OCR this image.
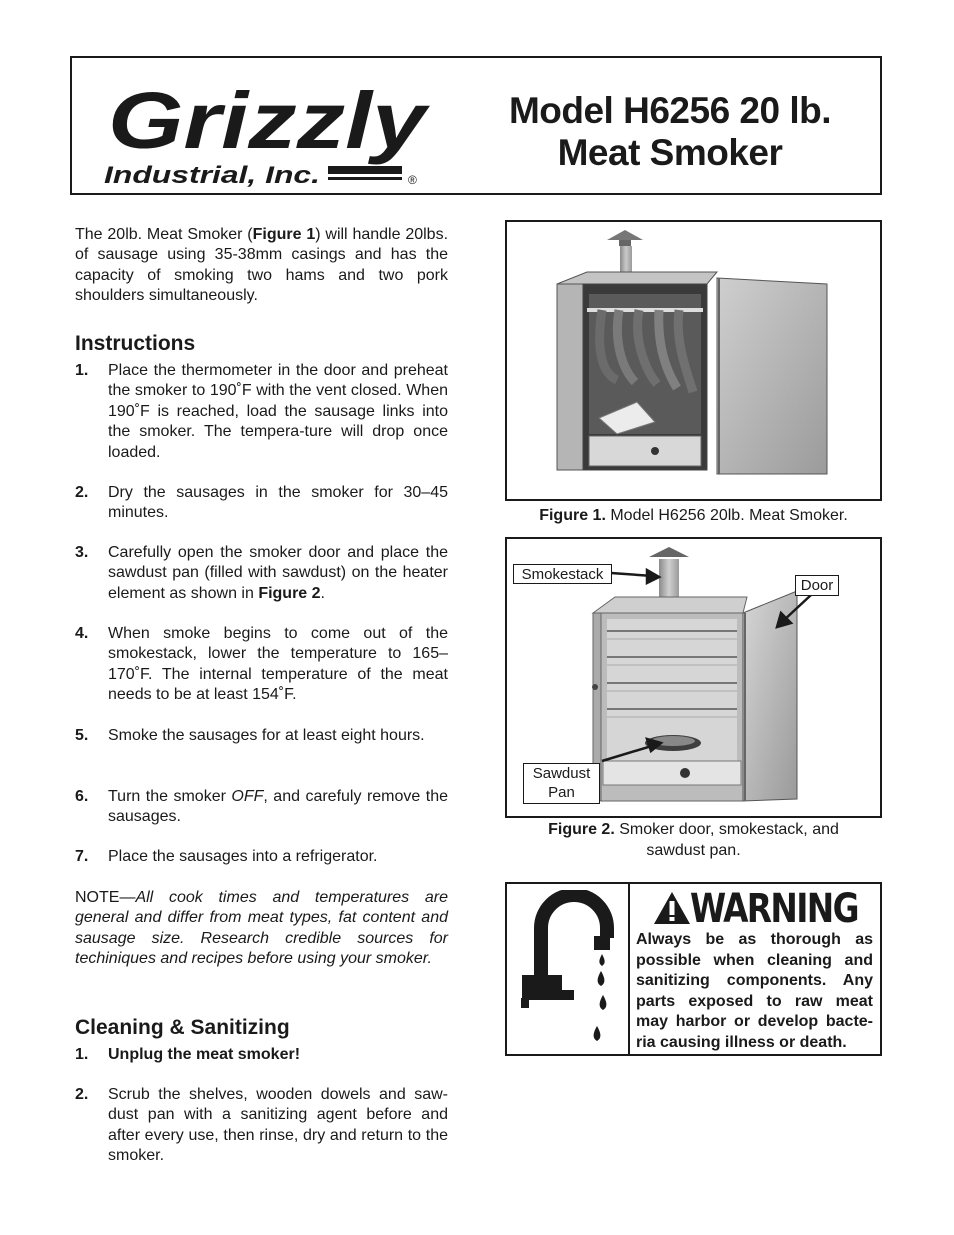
Grizzly
Industrial, Inc.	®
Model H6256 20 lb.
Meat Smoker
The 20lb. Meat Smoker (Figure 1) will handle 20lbs. of sausage using 35-38mm casings and has the capacity of smoking two hams and two pork shoulders simultaneously.
Instructions
1. Place the thermometer in the door and preheat the smoker to 190˚F with the vent closed. When 190˚F is reached, load the sausage links into the smoker. The tempera-ture will drop once loaded.
2. Dry the sausages in the smoker for 30–45 minutes.
3. Carefully open the smoker door and place the sawdust pan (filled with sawdust) on the heater element as shown in Figure 2.
4. When smoke begins to come out of the smokestack, lower the temperature to 165–170˚F. The internal temperature of the meat needs to be at least 154˚F.
5. Smoke the sausages for at least eight hours.
6. Turn the smoker OFF, and carefuly remove the sausages.
7. Place the sausages into a refrigerator.
NOTE—All cook times and temperatures are general and differ from meat types, fat content and sausage size. Research credible sources for techiniques and recipes before using your smoker.
Cleaning & Sanitizing
1. Unplug the meat smoker!
2. Scrub the shelves, wooden dowels and saw-dust pan with a sanitizing agent before and after every use, then rinse, dry and return to the smoker.
Figure 1. Model H6256 20lb. Meat Smoker.
Smokestack
Door
Sawdust
Pan
Figure 2. Smoker door, smokestack, and
sawdust pan.
WARNING
Always be as thorough as possible when cleaning and sanitizing components. Any parts exposed to raw meat may harbor or develop bacte-ria causing illness or death.
